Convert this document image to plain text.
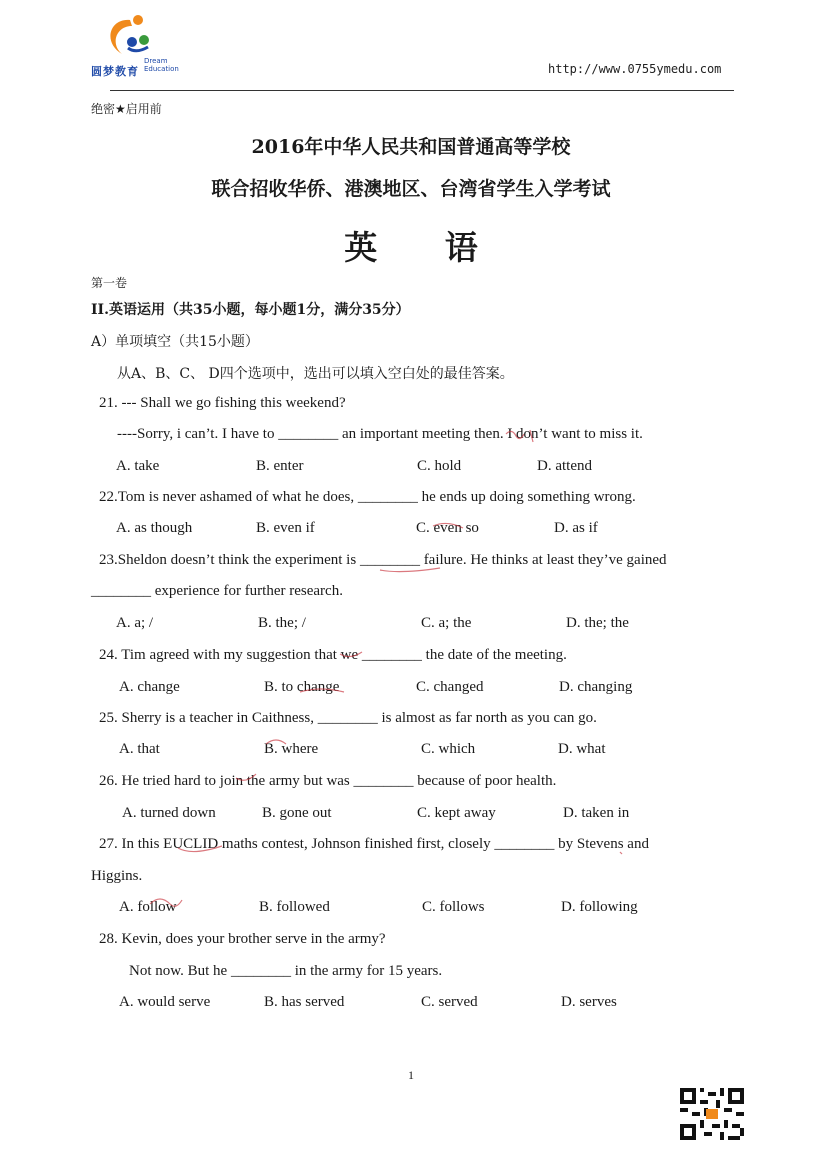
圆梦教育
Dream
Education	http://www.0755ymedu.com
绝密★启用前
2016年中华人民共和国普通高等学校
联合招收华侨、港澳地区、台湾省学生入学考试
英 语
第一卷
II.英语运用（共35小题，每小题1分，满分35分）
A）单项填空（共15小题）
从A、B、C、 D四个选项中，选出可以填入空白处的最佳答案。
21. --- Shall we go fishing this weekend?
----Sorry, i can’t. I have to ________ an important meeting then. I don’t want to miss it.
A. take	B. enter	C. hold	D. attend
22.Tom is never ashamed of what he does, ________ he ends up doing something wrong.
A. as though	B. even if	C. even so	D. as if
23.Sheldon doesn’t think the experiment is ________ failure. He thinks at least they’ve gained
________ experience for further research.
A. a; /	B. the; /	C. a; the	D. the; the
24. Tim agreed with my suggestion that we ________ the date of the meeting.
A. change	B. to change	C. changed	D. changing
25. Sherry is a teacher in Caithness, ________ is almost as far north as you can go.
A. that	B. where	C. which	D. what
26. He tried hard to join the army but was ________ because of poor health.
A. turned down	B. gone out	C. kept away	D. taken in
27. In this EUCLID maths contest, Johnson finished first, closely ________ by Stevens and
Higgins.
A. follow	B. followed	C. follows	D. following
28. Kevin, does your brother serve in the army?
Not now. But he ________ in the army for 15 years.
A. would serve	B. has served	C. served	D. serves
1
